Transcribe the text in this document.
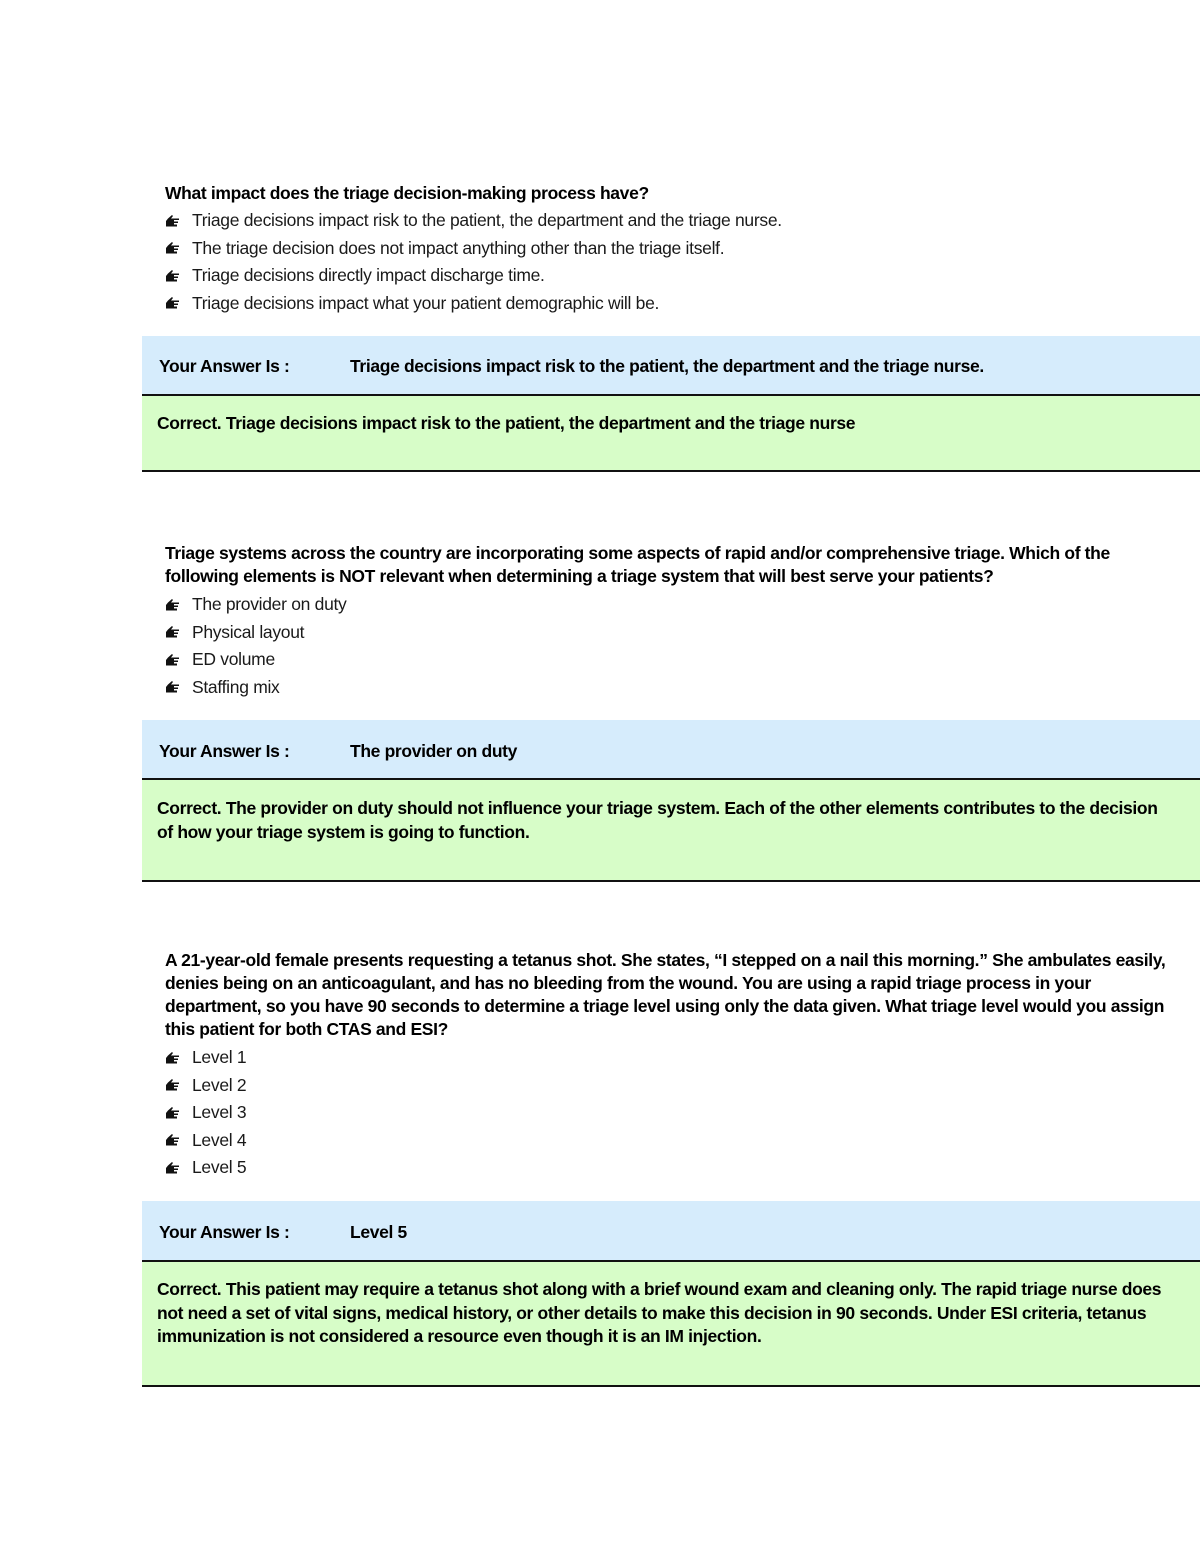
What impact does the triage decision-making process have?
Triage decisions impact risk to the patient, the department and the triage nurse.
The triage decision does not impact anything other than the triage itself.
Triage decisions directly impact discharge time.
Triage decisions impact what your patient demographic will be.
Your Answer Is :	Triage decisions impact risk to the patient, the department and the triage nurse.
Correct. Triage decisions impact risk to the patient, the department and the triage nurse
Triage systems across the country are incorporating some aspects of rapid and/or comprehensive triage. Which of the
following elements is NOT relevant when determining a triage system that will best serve your patients?
The provider on duty
Physical layout
ED volume
Staffing mix
Your Answer Is :	The provider on duty
Correct. The provider on duty should not influence your triage system. Each of the other elements contributes to the decision
of how your triage system is going to function.
A 21-year-old female presents requesting a tetanus shot. She states, “I stepped on a nail this morning.” She ambulates easily,
denies being on an anticoagulant, and has no bleeding from the wound. You are using a rapid triage process in your
department, so you have 90 seconds to determine a triage level using only the data given. What triage level would you assign
this patient for both CTAS and ESI?
Level 1
Level 2
Level 3
Level 4
Level 5
Your Answer Is :	Level 5
Correct. This patient may require a tetanus shot along with a brief wound exam and cleaning only. The rapid triage nurse does
not need a set of vital signs, medical history, or other details to make this decision in 90 seconds. Under ESI criteria, tetanus
immunization is not considered a resource even though it is an IM injection.
